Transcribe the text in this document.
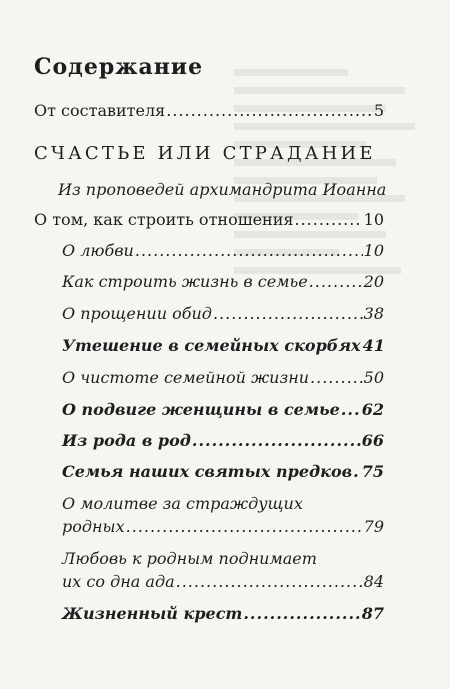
Содержание
От составителя .....	5
СЧАСТЬЕ ИЛИ СТРАДАНИЕ
Из проповедей архимандрита Иоанна
О том, как строить отношения .....	10
О любви .....	10
Как строить жизнь в семье .....	20
О прощении обид .....	38
Утешение в семейных скорбях 41
О чистоте семейной жизни .....	50
О подвиге женщины в семье ..... 62
Из рода в род .....	66
Семья наших святых предков ..... 75
О молитве за страждущих
родных .....	79
Любовь к родным поднимает
их со дна ада .....	84
Жизненный крест .....	87
